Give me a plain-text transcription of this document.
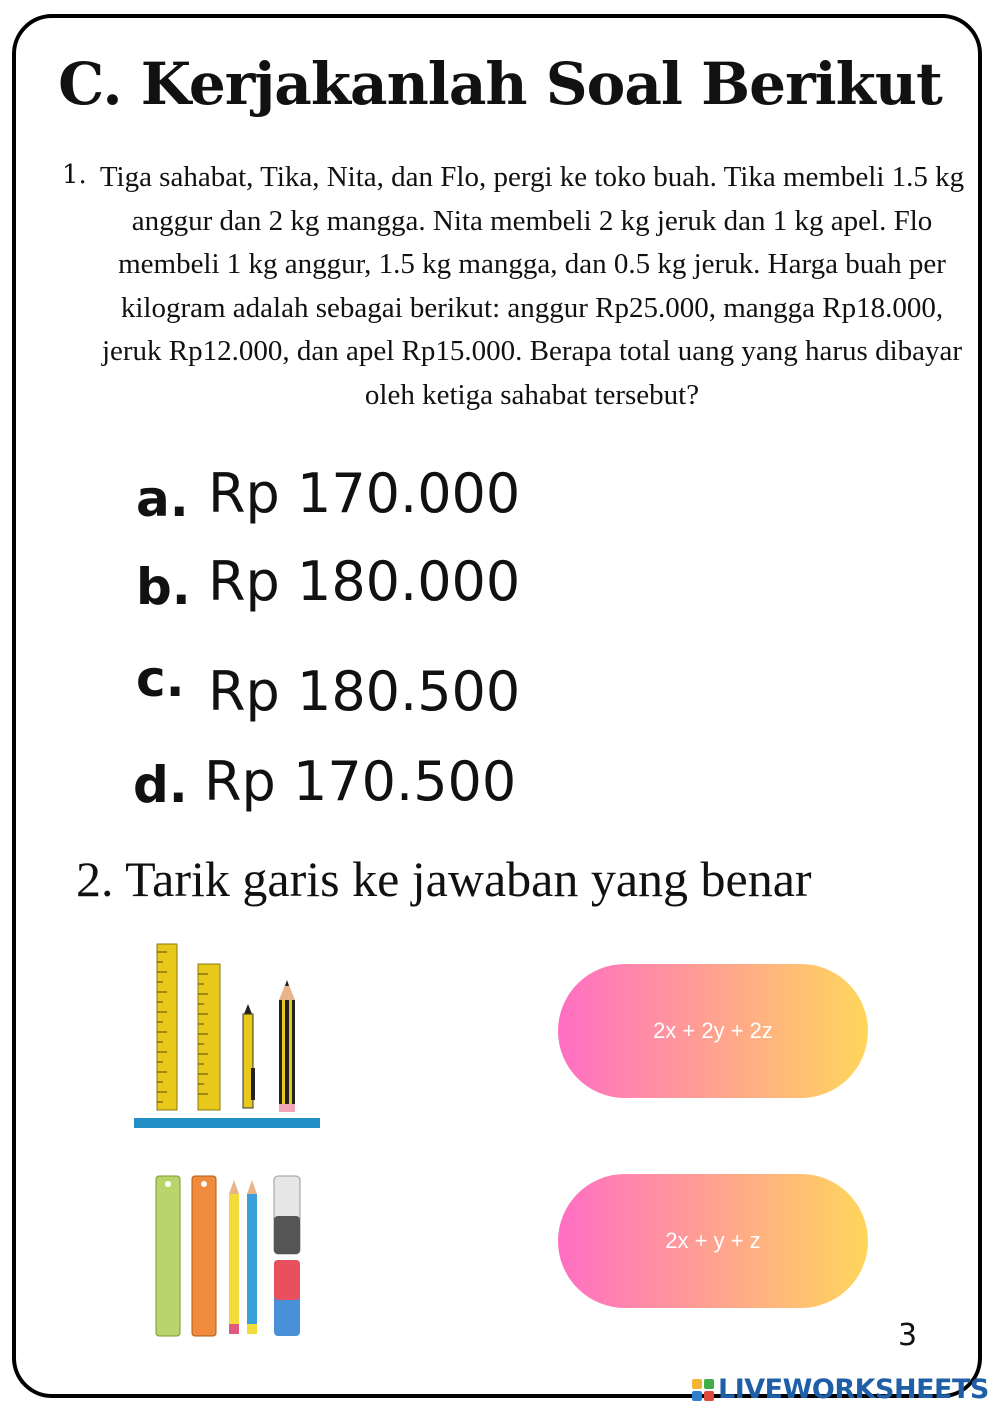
C. Kerjakanlah Soal Berikut
1. Tiga sahabat, Tika, Nita, dan Flo, pergi ke toko buah. Tika membeli 1.5 kg anggur dan 2 kg mangga. Nita membeli 2 kg jeruk dan 1 kg apel. Flo membeli 1 kg anggur, 1.5 kg mangga, dan 0.5 kg jeruk. Harga buah per kilogram adalah sebagai berikut: anggur Rp25.000, mangga Rp18.000, jeruk Rp12.000, dan apel Rp15.000. Berapa total uang yang harus dibayar oleh ketiga sahabat tersebut?
a. Rp 170.000
b. Rp 180.000
c. Rp 180.500
d. Rp 170.500
2. Tarik garis ke jawaban yang benar
2x + 2y + 2z
2x + y + z
3
LIVEWORKSHEETS
